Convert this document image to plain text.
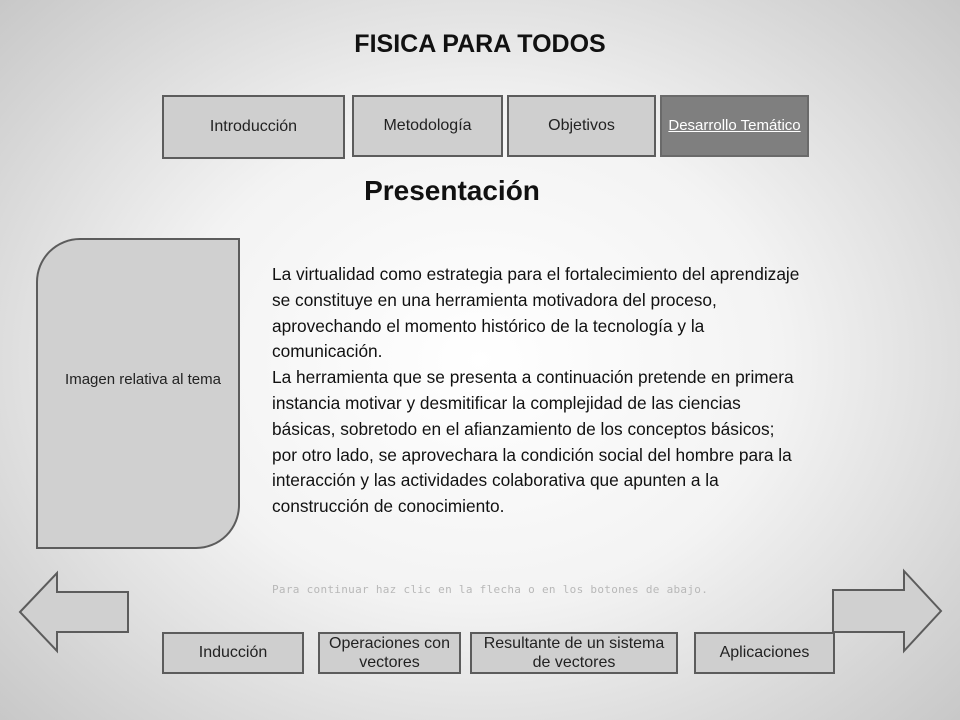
FISICA PARA TODOS
Introducción	Metodología	Objetivos	Desarrollo Temático
Presentación
Imagen relativa al tema

La virtualidad como estrategia para el fortalecimiento del aprendizaje se constituye en una herramienta motivadora del proceso, aprovechando el momento histórico de la tecnología y la comunicación.

La herramienta que se presenta a continuación pretende en primera instancia motivar y desmitificar la complejidad de las ciencias básicas, sobretodo en el afianzamiento de los conceptos básicos; por otro lado, se aprovechara la condición social del hombre para la interacción y las actividades colaborativa que apunten a la construcción de conocimiento.

Para continuar haz clic en la flecha o en los botones de abajo.
Inducción
Operaciones con vectores
Resultante de un sistema de vectores
Aplicaciones
